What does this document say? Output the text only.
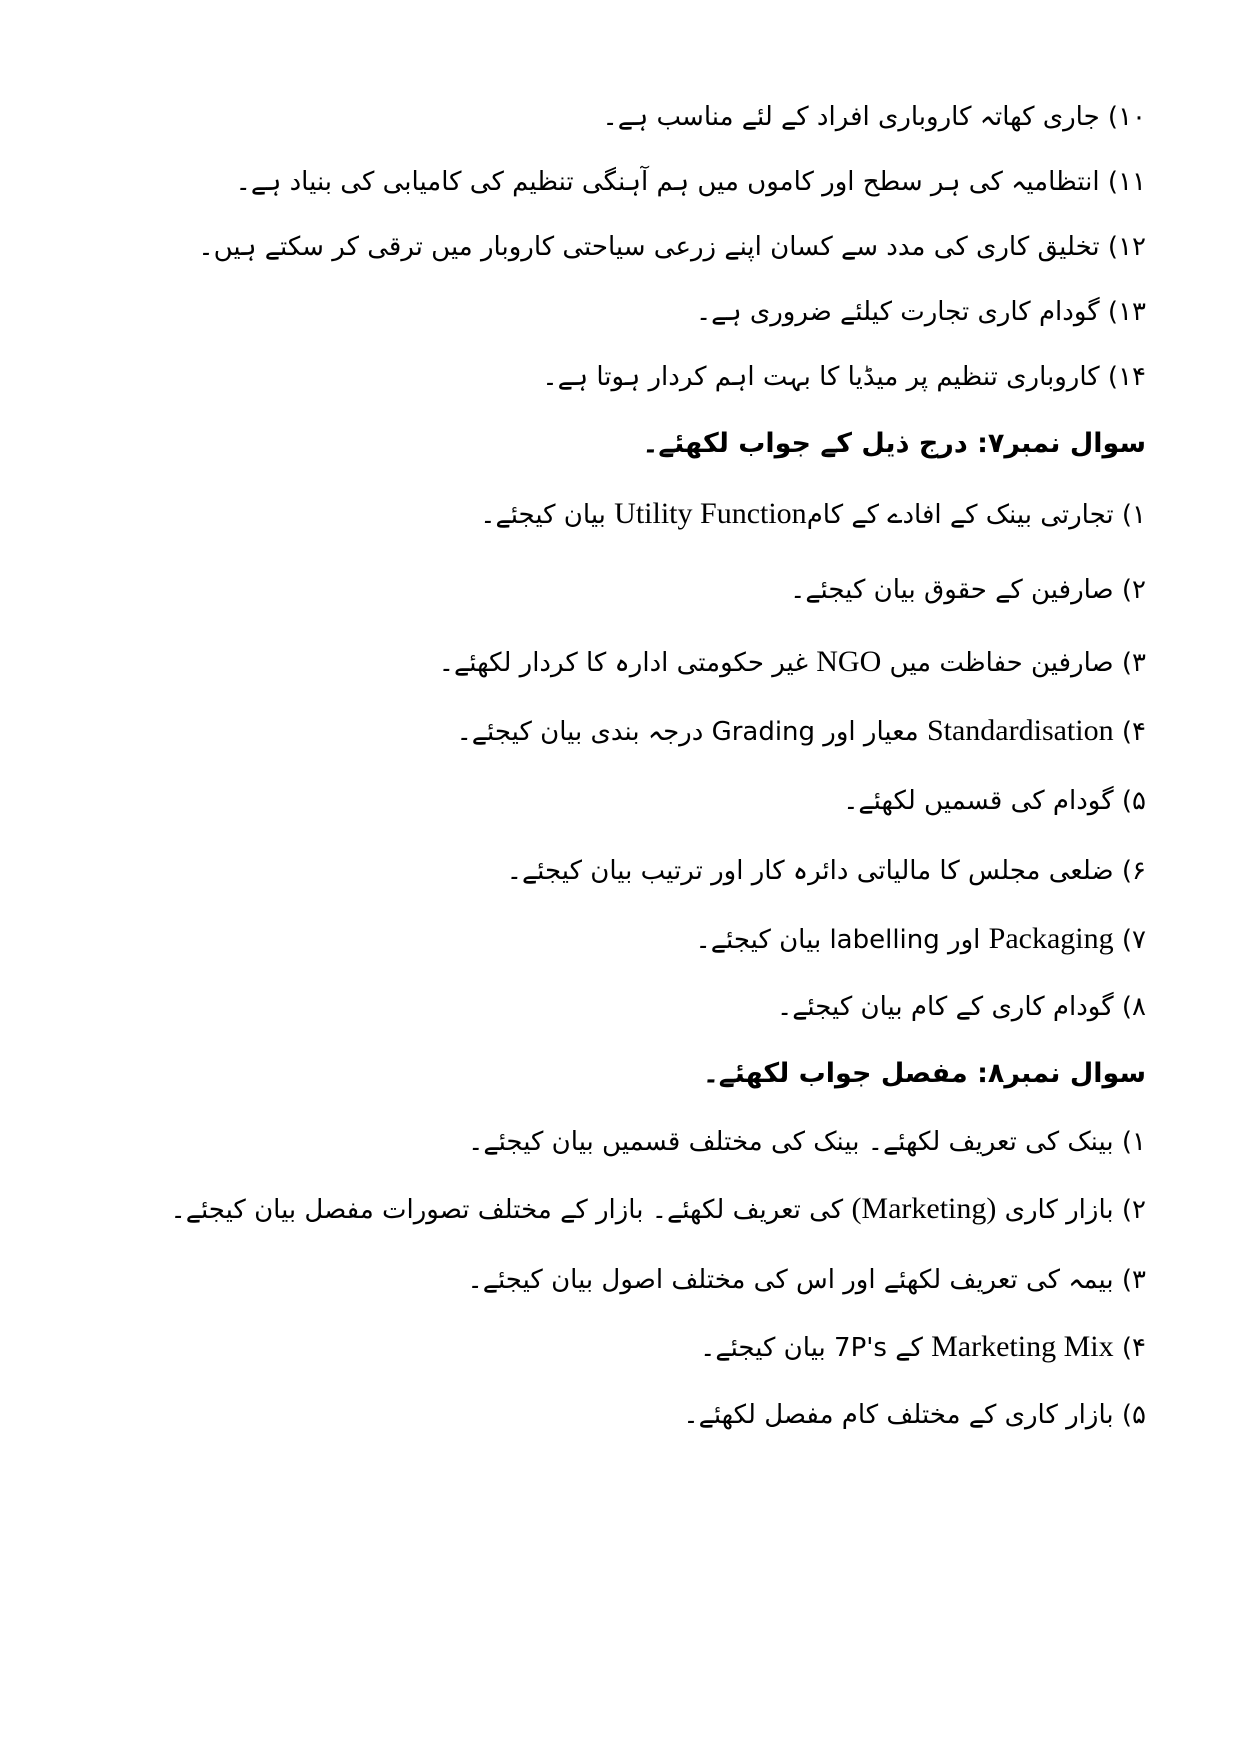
۱۰) جاری کھاتہ کاروباری افراد کے لئے مناسب ہے۔
۱۱) انتظامیہ کی ہر سطح اور کاموں میں ہم آہنگی تنظیم کی کامیابی کی بنیاد ہے۔
۱۲) تخلیق کاری کی مدد سے کسان اپنے زرعی سیاحتی کاروبار میں ترقی کر سکتے ہیں۔
۱۳) گودام کاری تجارت کیلئے ضروری ہے۔
۱۴) کاروباری تنظیم پر میڈیا کا بہت اہم کردار ہوتا ہے۔
سوال نمبر۷: درج ذیل کے جواب لکھئے۔
۱) تجارتی بینک کے افادے کے کامUtility Function بیان کیجئے۔
۲) صارفین کے حقوق بیان کیجئے۔
۳) صارفین حفاظت میں NGO غیر حکومتی ادارہ کا کردار لکھئے۔
۴) Standardisation معیار اور Grading درجہ بندی بیان کیجئے۔
۵) گودام کی قسمیں لکھئے۔
۶) ضلعی مجلس کا مالیاتی دائرہ کار اور ترتیب بیان کیجئے۔
۷) Packaging اور labelling بیان کیجئے۔
۸) گودام کاری کے کام بیان کیجئے۔
سوال نمبر۸: مفصل جواب لکھئے۔
۱) بینک کی تعریف لکھئے۔ بینک کی مختلف قسمیں بیان کیجئے۔
۲) بازار کاری (Marketing) کی تعریف لکھئے۔ بازار کے مختلف تصورات مفصل بیان کیجئے۔
۳) بیمہ کی تعریف لکھئے اور اس کی مختلف اصول بیان کیجئے۔
۴) Marketing Mix کے 7P's بیان کیجئے۔
۵) بازار کاری کے مختلف کام مفصل لکھئے۔
